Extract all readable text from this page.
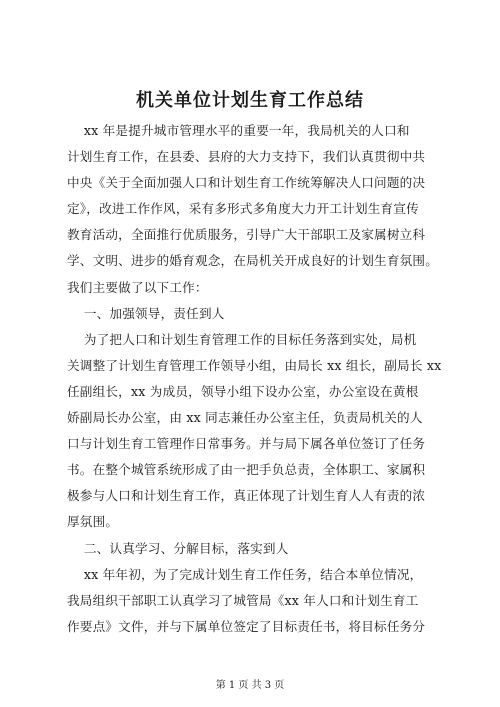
机关单位计划生育工作总结
xx 年是提升城市管理水平的重要一年，我局机关的人口和
计划生育工作，在县委、县府的大力支持下，我们认真贯彻中共
中央《关于全面加强人口和计划生育工作统筹解决人口问题的决
定》，改进工作作风，采有多形式多角度大力开工计划生育宣传
教育活动，全面推行优质服务，引导广大干部职工及家属树立科
学、文明、进步的婚育观念，在局机关开成良好的计划生育氛围。
我们主要做了以下工作：
一、加强领导，责任到人
为了把人口和计划生育管理工作的目标任务落到实处，局机
关调整了计划生育管理工作领导小组，由局长 xx 组长，副局长 xx
任副组长，xx 为成员，领导小组下设办公室，办公室设在黄根
娇副局长办公室，由 xx 同志兼任办公室主任，负责局机关的人
口与计划生育工管理作日常事务。并与局下属各单位签订了任务
书。在整个城管系统形成了由一把手负总责，全体职工、家属积
极参与人口和计划生育工作，真正体现了计划生育人人有责的浓
厚氛围。
二、认真学习、分解目标，落实到人
xx 年年初，为了完成计划生育工作任务，结合本单位情况，
我局组织干部职工认真学习了城管局《xx 年人口和计划生育工
作要点》文件，并与下属单位签定了目标责任书，将目标任务分
第 1 页 共 3 页
